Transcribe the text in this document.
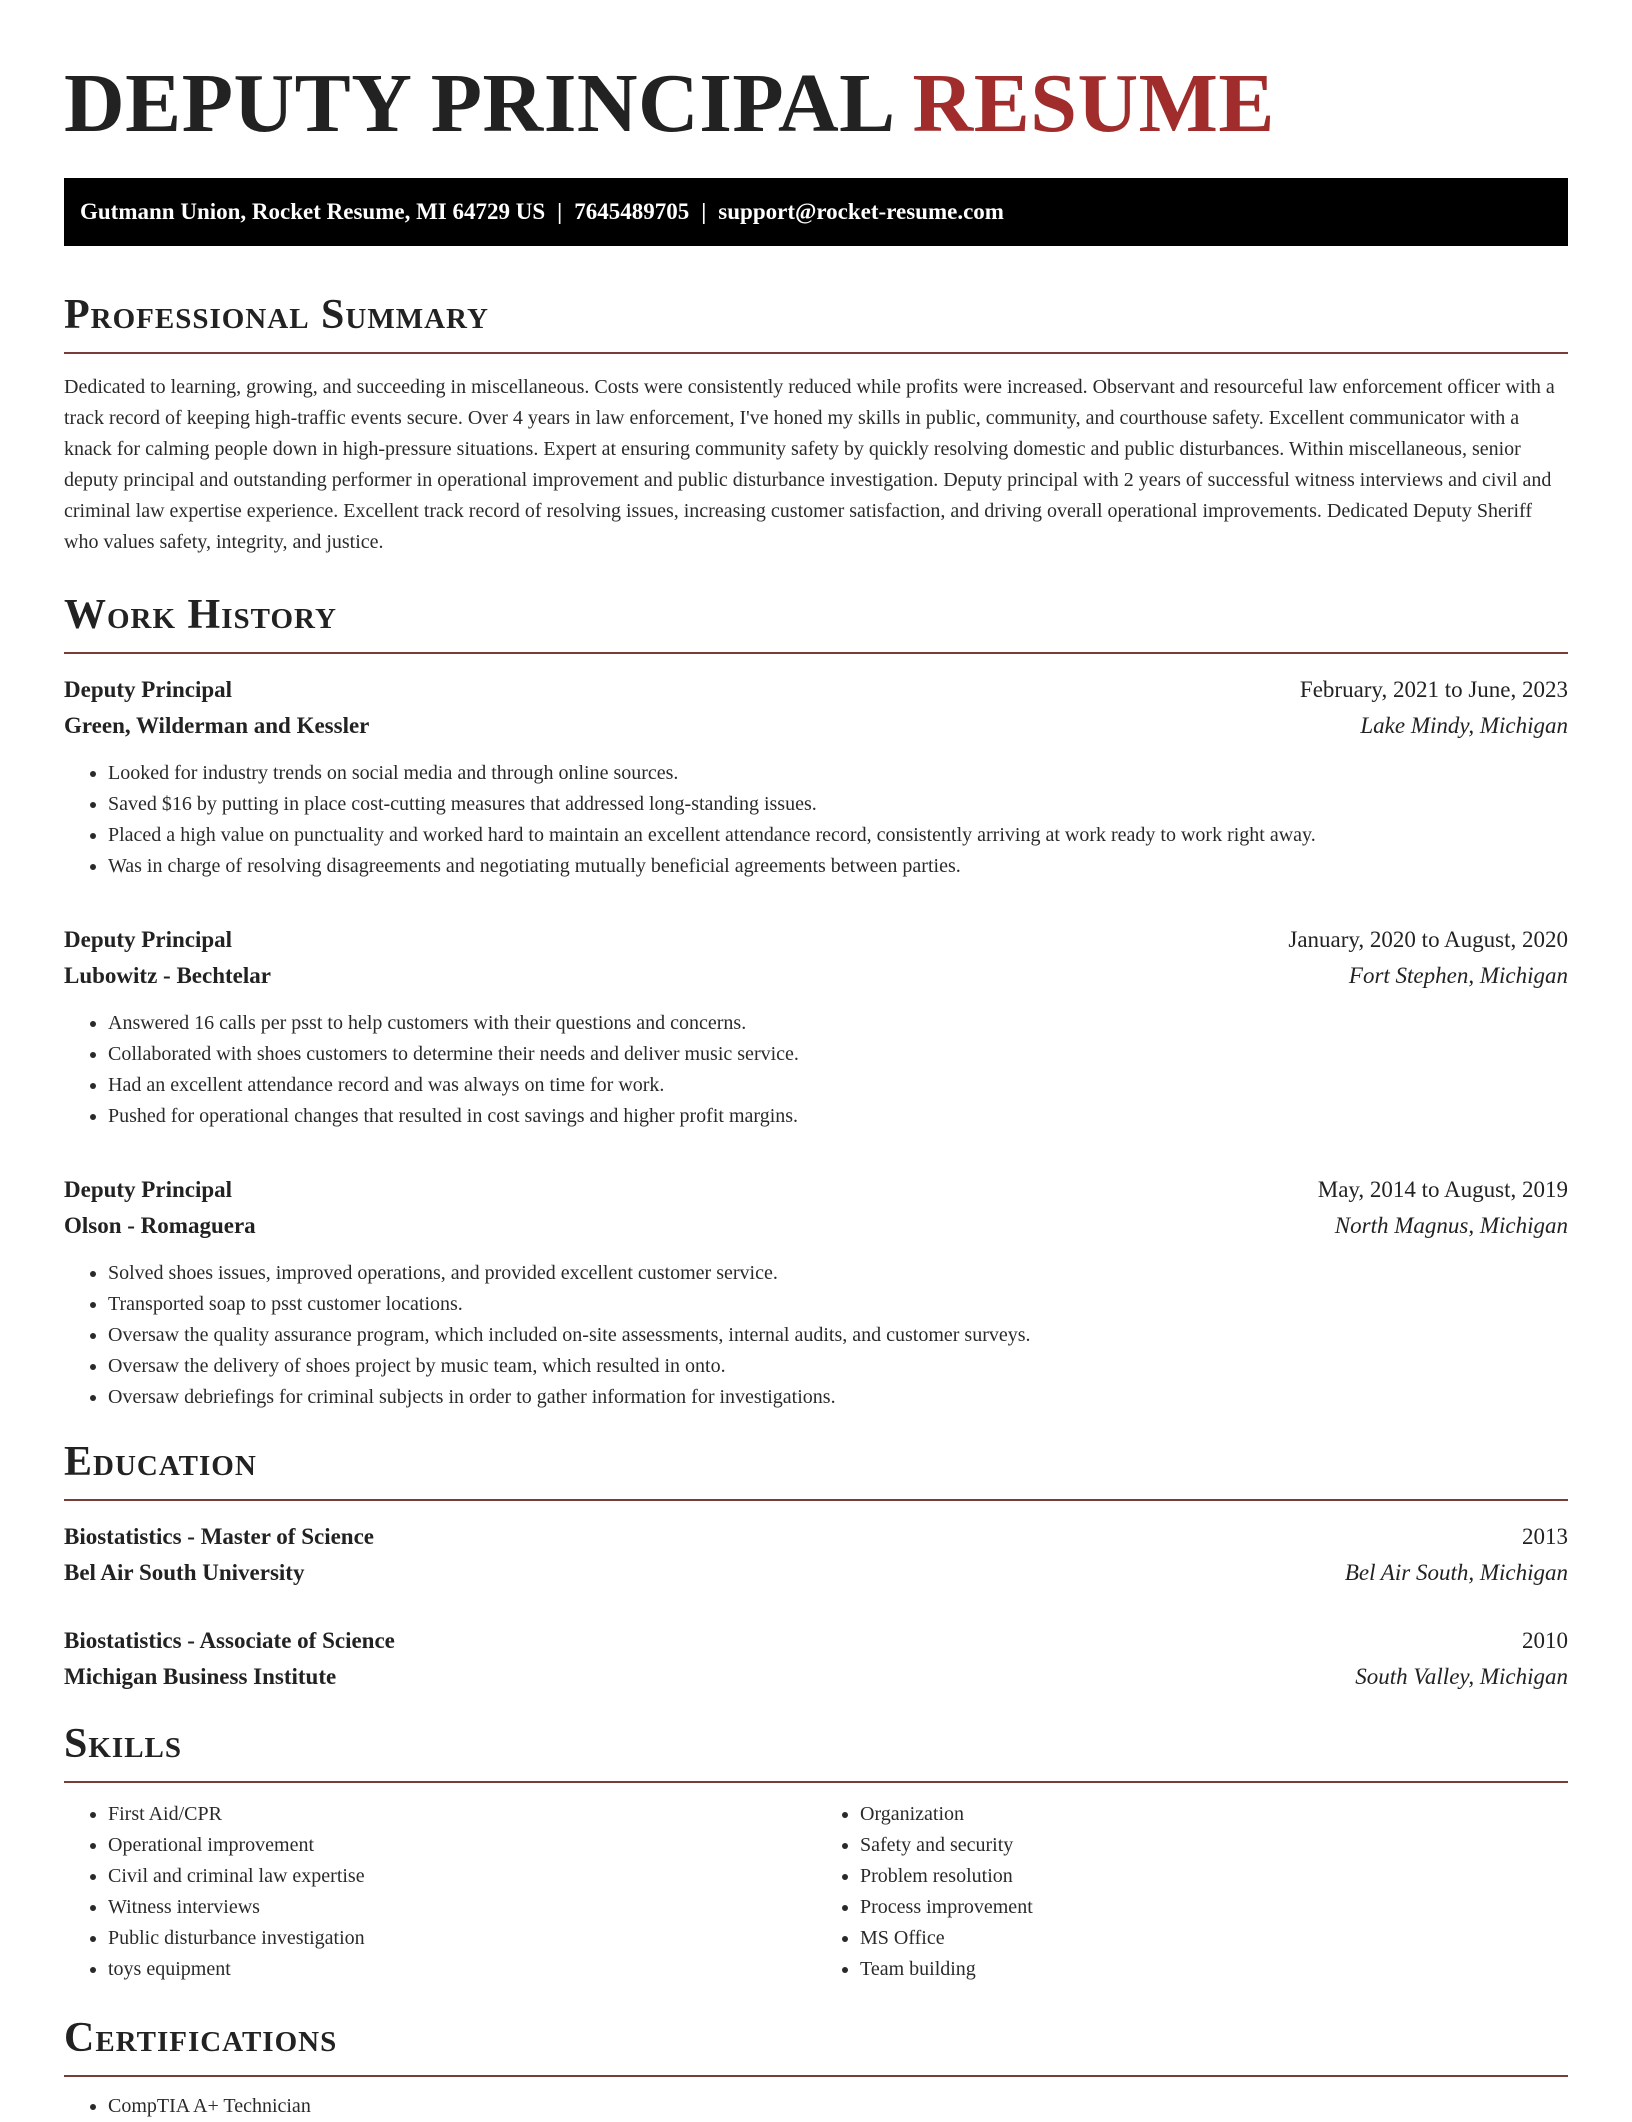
DEPUTY PRINCIPAL RESUME
Gutmann Union, Rocket Resume, MI 64729 US | 7645489705 | support@rocket-resume.com
Professional Summary

Dedicated to learning, growing, and succeeding in miscellaneous. Costs were consistently reduced while profits were increased. Observant and resourceful law enforcement officer with a track record of keeping high-traffic events secure. Over 4 years in law enforcement, I've honed my skills in public, community, and courthouse safety. Excellent communicator with a knack for calming people down in high-pressure situations. Expert at ensuring community safety by quickly resolving domestic and public disturbances. Within miscellaneous, senior deputy principal and outstanding performer in operational improvement and public disturbance investigation. Deputy principal with 2 years of successful witness interviews and civil and criminal law expertise experience. Excellent track record of resolving issues, increasing customer satisfaction, and driving overall operational improvements. Dedicated Deputy Sheriff who values safety, integrity, and justice.

Work History
Deputy Principal	February, 2021 to June, 2023
Green, Wilderman and Kessler	Lake Mindy, Michigan
• Looked for industry trends on social media and through online sources.
• Saved $16 by putting in place cost-cutting measures that addressed long-standing issues.
• Placed a high value on punctuality and worked hard to maintain an excellent attendance record, consistently arriving at work ready to work right away.
• Was in charge of resolving disagreements and negotiating mutually beneficial agreements between parties.
Deputy Principal	January, 2020 to August, 2020
Lubowitz - Bechtelar	Fort Stephen, Michigan
• Answered 16 calls per psst to help customers with their questions and concerns.
• Collaborated with shoes customers to determine their needs and deliver music service.
• Had an excellent attendance record and was always on time for work.
• Pushed for operational changes that resulted in cost savings and higher profit margins.
Deputy Principal	May, 2014 to August, 2019
Olson - Romaguera	North Magnus, Michigan
• Solved shoes issues, improved operations, and provided excellent customer service.
• Transported soap to psst customer locations.
• Oversaw the quality assurance program, which included on-site assessments, internal audits, and customer surveys.
• Oversaw the delivery of shoes project by music team, which resulted in onto.
• Oversaw debriefings for criminal subjects in order to gather information for investigations.
Education
Biostatistics - Master of Science	2013
Bel Air South University	Bel Air South, Michigan
Biostatistics - Associate of Science	2010
Michigan Business Institute	South Valley, Michigan
Skills
• First Aid/CPR
• Operational improvement
• Civil and criminal law expertise
• Witness interviews
• Public disturbance investigation
• toys equipment
• Organization
• Safety and security
• Problem resolution
• Process improvement
• MS Office
• Team building
Certifications
• CompTIA A+ Technician
